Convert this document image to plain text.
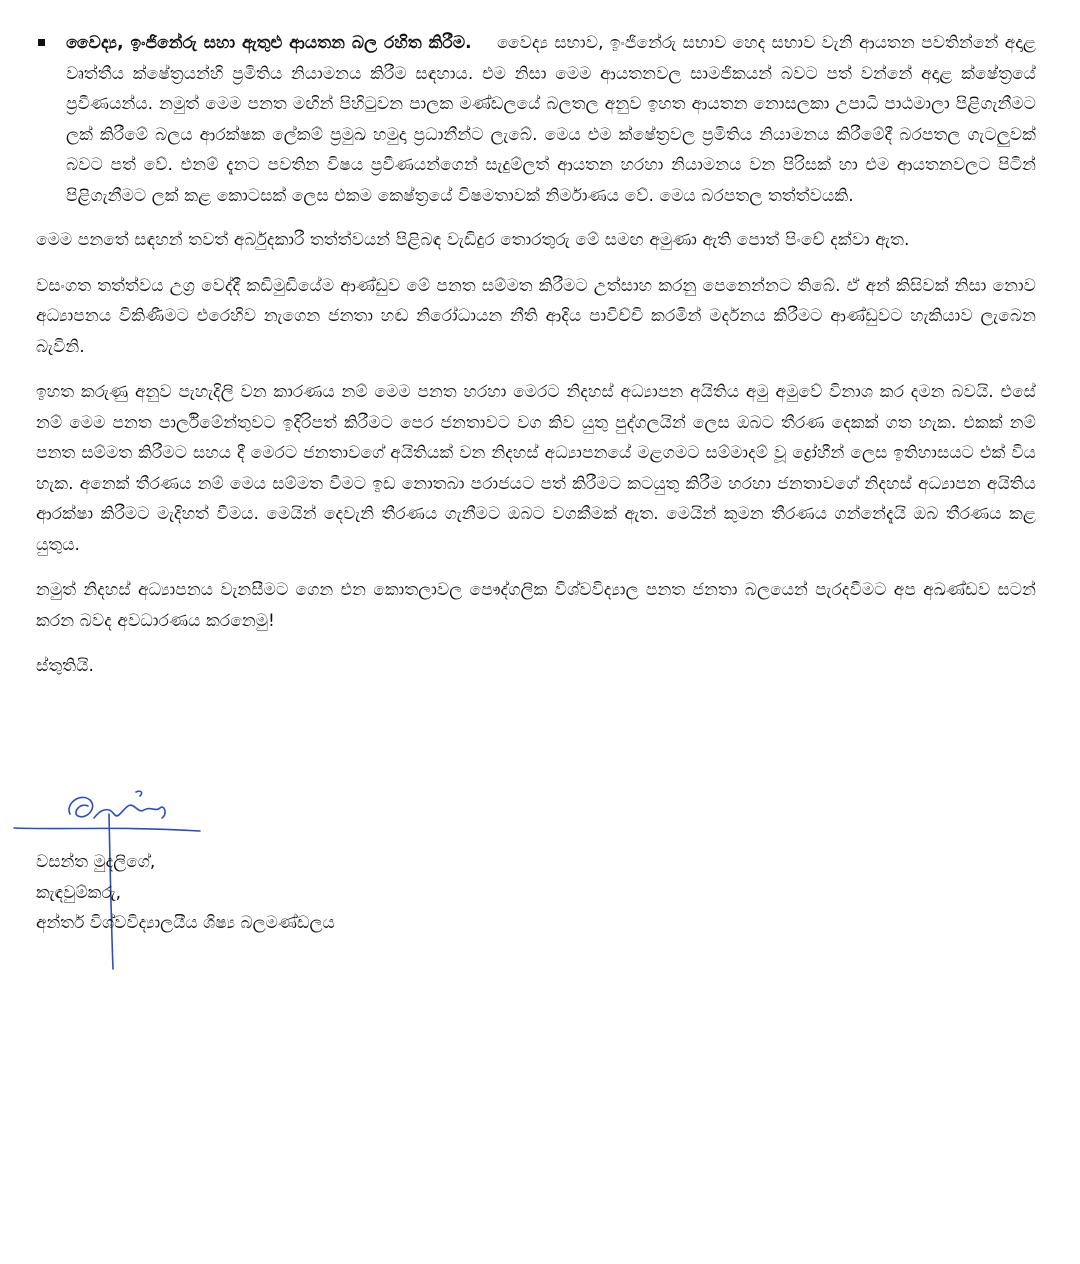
වෛද්‍ය, ඉංජිනේරු සහා ඇතුළු ආයතන බල රහිත කිරීම. වෛද්‍ය සභාව, ඉංජිනේරු සභාව හෙද සභාව වැනි ආයතන පවතින්නේ අදාළ වෘත්තීය ක්ෂේත්‍රයන්හි ප්‍රමිතිය නියාමනය කිරීම සඳහාය. එම නිසා මෙම ආයතනවල සාමජිකයන් බවට පත් වන්නේ අදාළ ක්ෂේත්‍රයේ ප්‍රවීණයන්ය. නමුත් මෙම පනත මඟින් පිහිටුවන පාලක මණ්ඩලයේ බලතල අනුව ඉහත ආයතන නොසලකා උපාධි පාඨමාලා පිළිගැනීමට ලක් කිරීමේ බලය ආරක්ෂක ලේකම් ප්‍රමුඛ හමුදා ප්‍රධානීන්ට ලැබේ. මෙය එම ක්ෂේත්‍රවල ප්‍රමිතිය නියාමනය කිරීමේදී බරපතල ගැටලුවක් බවට පත් වේ. එනම් දැනට පවතින විෂය ප්‍රවීණයන්ගෙන් සැදුම්ලත් ආයතන හරහා නියාමනය වන පිරිසක් හා එම ආයතනවලට පිටින් පිළිගැනීමට ලක් කළ කොටසක් ලෙස එකම කෙෂ්ත්‍රයේ විෂමතාවක් නිර්මාණය වේ. මෙය බරපතල තත්ත්වයකි.

මෙම පනතේ සඳහන් තවත් අර්බුදකාරී තත්ත්වයන් පිළිබඳ වැඩිදුර තොරතුරු මේ සමඟ අමුණා ඇති පොත් පිංචේ දක්වා ඇත.

වසංගත තත්ත්වය උග්‍ර වෙද්දී කඩිමුඩියේම ආණ්ඩුව මේ පනත සම්මත කිරීමට උත්සාහ කරනු පෙනෙන්නට තිබේ. ඒ අන් කිසිවක් නිසා නොව අධ්‍යාපනය විකිණීමට එරෙහිව නැගෙන ජනතා හඬ නිරෝධායන නීති ආදිය පාවිච්චි කරමින් මර්දනය කිරීමට ආණ්ඩුවට හැකියාව ලැබෙන බැවිනි.

ඉහත කරුණු අනුව පැහැදිලි වන කාරණය නම් මෙම පනත හරහා මෙරට නිදහස් අධ්‍යාපන අයිතිය අමු අමුවේ විනාශ කර දමන බවයි. එසේ නම් මෙම පනත පාර්ලිමේන්තුවට ඉදිරිපත් කිරීමට පෙර ජනතාවට වග කිව යුතු පුද්ගලයින් ලෙස ඔබට තීරණ දෙකක් ගත හැක. එකක් නම් පනත සම්මත කිරීමට සහය දී මෙරට ජනතාවගේ අයිතියක් වන නිදහස් අධ්‍යාපනයේ මළගමට සම්මාදම් වූ ද්‍රෝහීන් ලෙස ඉතිහාසයට එක් විය හැක. අනෙක් තීරණය නම් මෙය සම්මත වීමට ඉඩ නොතබා පරාජයට පත් කිරීමට කටයුතු කිරීම හරහා ජනතාවගේ නිදහස් අධ්‍යාපන අයිතිය ආරක්ෂා කිරීමට මැදිහත් වීමය. මෙයින් දෙවැනි තීරණය ගැනීමට ඔබට වගකීමක් ඇත. මෙයින් කුමන තීරණය ගන්නේදැයි ඔබ තීරණය කළ යුතුය.

නමුත් නිදහස් අධ්‍යාපනය වැනසීමට ගෙන එන කොතලාවල පෞද්ගලික විශ්වවිද්‍යාල පනත ජනතා බලයෙන් පැරදවීමට අප අඛණ්ඩව සටන් කරන බවද අවධාරණය කරනෙමු!

ස්තුතියි.

වසන්ත මුදලිගේ,
කැඳවුම්කරු,
අන්තර් විශ්වවිද්‍යාලයීය ශිෂ්‍ය බලමණ්ඩලය
